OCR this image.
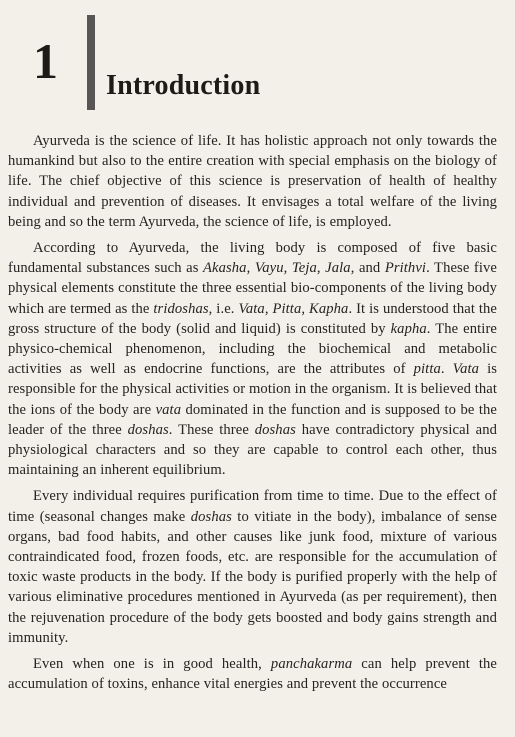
1 Introduction

Ayurveda is the science of life. It has holistic approach not only towards the humankind but also to the entire creation with special emphasis on the biology of life. The chief objective of this science is preservation of health of healthy individual and prevention of diseases. It envisages a total welfare of the living being and so the term Ayurveda, the science of life, is employed.

According to Ayurveda, the living body is composed of five basic fundamental substances such as Akasha, Vayu, Teja, Jala, and Prithvi. These five physical elements constitute the three essential bio-components of the living body which are termed as the tridoshas, i.e. Vata, Pitta, Kapha. It is understood that the gross structure of the body (solid and liquid) is constituted by kapha. The entire physico-chemical phenomenon, including the biochemical and metabolic activities as well as endocrine functions, are the attributes of pitta. Vata is responsible for the physical activities or motion in the organism. It is believed that the ions of the body are vata dominated in the function and is supposed to be the leader of the three doshas. These three doshas have contradictory physical and physiological characters and so they are capable to control each other, thus maintaining an inherent equilibrium.

Every individual requires purification from time to time. Due to the effect of time (seasonal changes make doshas to vitiate in the body), imbalance of sense organs, bad food habits, and other causes like junk food, mixture of various contraindicated food, frozen foods, etc. are responsible for the accumulation of toxic waste products in the body. If the body is purified properly with the help of various eliminative procedures mentioned in Ayurveda (as per requirement), then the rejuvenation procedure of the body gets boosted and body gains strength and immunity.

Even when one is in good health, panchakarma can help prevent the accumulation of toxins, enhance vital energies and prevent the occurrence
